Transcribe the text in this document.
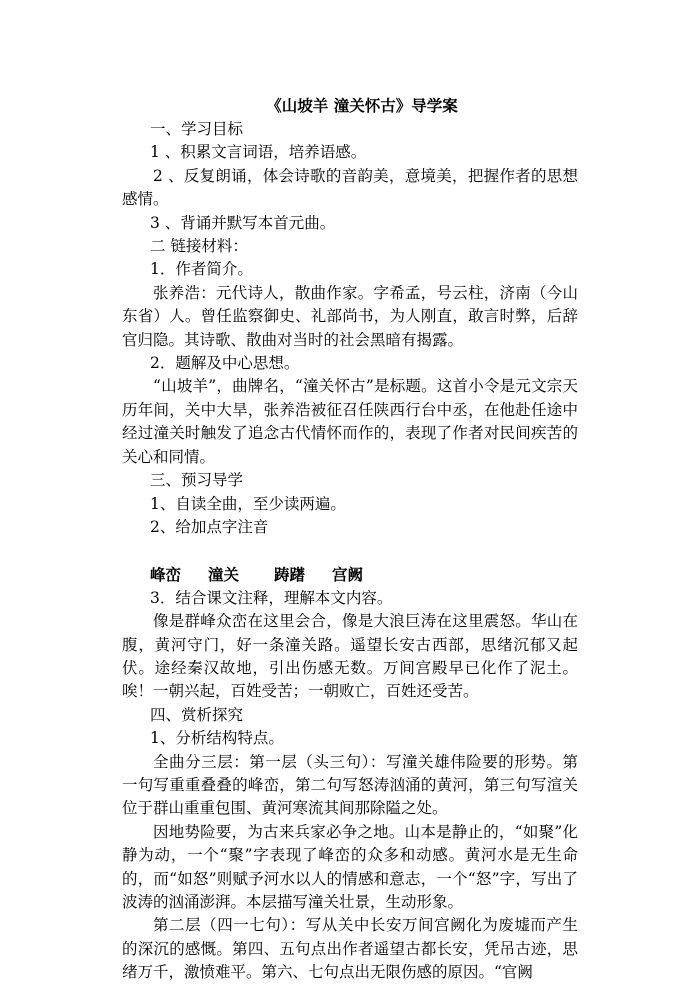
《山坡羊 潼关怀古》导学案
一、学习目标
1 、积累文言词语，培养语感。
2 、反复朗诵，体会诗歌的音韵美，意境美，把握作者的思想感情。
3 、背诵并默写本首元曲。
二 链接材料：
1．作者简介。
张养浩：元代诗人，散曲作家。字希孟，号云柱，济南（今山东省）人。曾任监察御史、礼部尚书，为人刚直，敢言时弊，后辞官归隐。其诗歌、散曲对当时的社会黑暗有揭露。
2．题解及中心思想。
“山坡羊”，曲牌名，“潼关怀古”是标题。这首小令是元文宗天历年间，关中大旱，张养浩被征召任陕西行台中丞，在他赴任途中经过潼关时触发了追念古代情怀而作的，表现了作者对民间疾苦的关心和同情。
三、预习导学
1、自读全曲，至少读两遍。
2、给加点字注音
峰峦 潼关 踌躇 宫阙
3．结合课文注释，理解本文内容。
像是群峰众峦在这里会合，像是大浪巨涛在这里震怒。华山在腹，黄河守门，好一条潼关路。遥望长安古西部，思绪沉郁又起伏。途经秦汉故地，引出伤感无数。万间宫殿早已化作了泥土。唉！一朝兴起，百姓受苦；一朝败亡，百姓还受苦。
四、赏析探究
1、分析结构特点。
全曲分三层：第一层（头三句）：写潼关雄伟险要的形势。第一句写重重叠叠的峰峦，第二句写怒涛汹涌的黄河，第三句写渲关位于群山重重包围、黄河寒流其间那除隘之处。
因地势险要，为古来兵家必争之地。山本是静止的，“如聚”化静为动，一个“聚”字表现了峰峦的众多和动感。黄河水是无生命的，而“如怒”则赋予河水以人的情感和意志，一个“怒”字，写出了波涛的汹涌澎湃。本层描写潼关壮景，生动形象。
第二层（四一七句）：写从关中长安万间宫阙化为废墟而产生的深沉的感慨。第四、五句点出作者遥望古都长安，凭吊古迹，思绪万千，激愤难平。第六、七句点出无限伤感的原因。“官阙
